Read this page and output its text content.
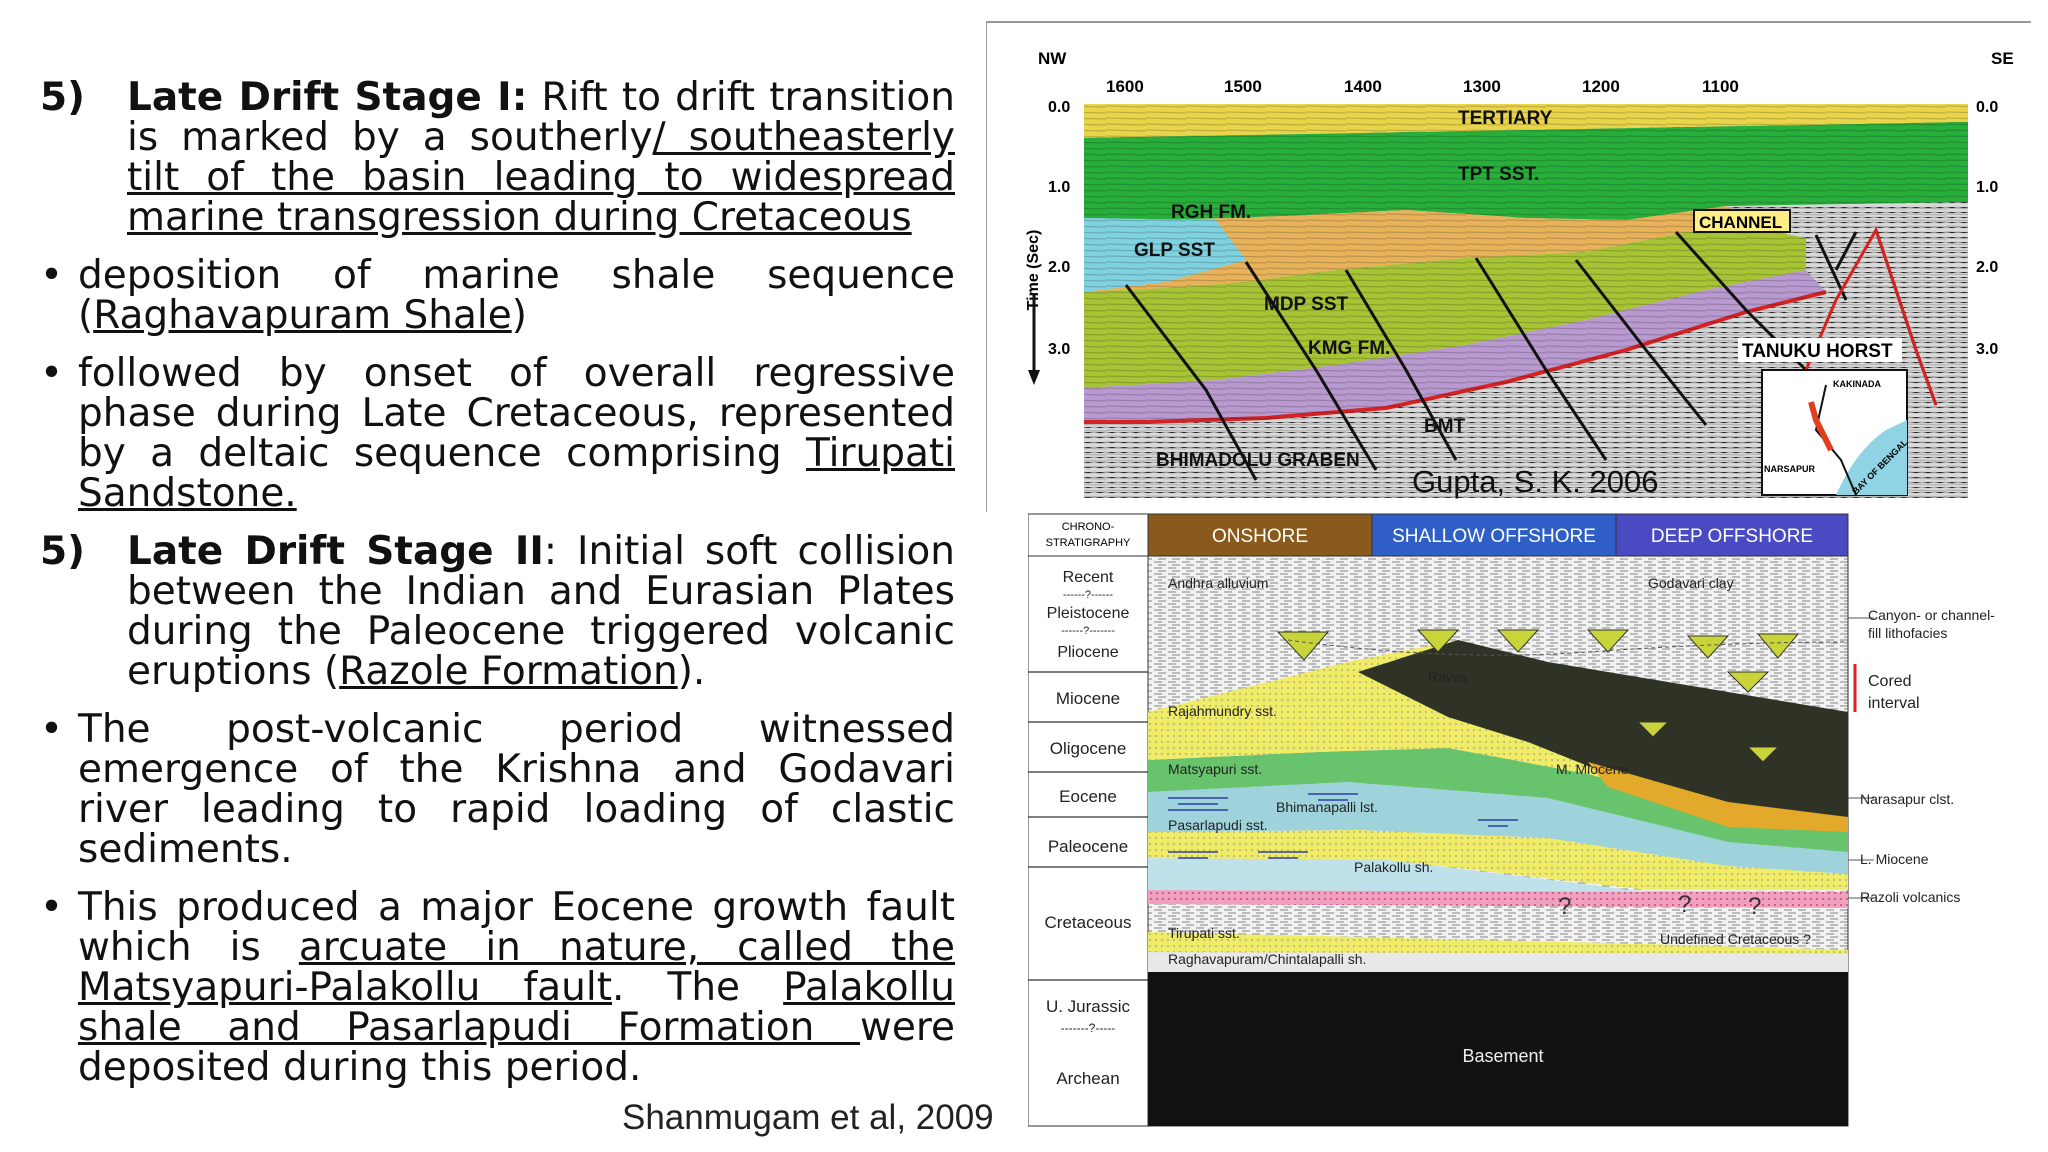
5) Late Drift Stage I: Rift to drift transition is marked by a southerly/ southeasterly tilt of the basin leading to widespread marine transgression during Cretaceous
• deposition of marine shale sequence (Raghavapuram Shale)
• followed by onset of overall regressive phase during Late Cretaceous, represented by a deltaic sequence comprising Tirupati Sandstone.
5) Late Drift Stage II: Initial soft collision between the Indian and Eurasian Plates during the Paleocene triggered volcanic eruptions (Razole Formation).
• The post-volcanic period witnessed emergence of the Krishna and Godavari river leading to rapid loading of clastic sediments.
• This produced a major Eocene growth fault which is arcuate in nature, called the Matsyapuri-Palakollu fault. The Palakollu shale and Pasarlapudi Formation were deposited during this period.
Shanmugam et al, 2009
NW	SE
1600	1500	1400	1300	1200	1100
0.0	0.0
1.0	1.0
2.0	2.0
3.0	3.0
Time (Sec)
TERTIARY
TPT SST.
RGH FM.
GLP SST
MDP SST
KMG FM.
BMT
BHIMADOLU GRABEN
CHANNEL
TANUKU HORST
KAKINADA
NARSAPUR	BAY OF BENGAL
Gupta, S. K. 2006
CHRONO-
STRATIGRAPHY	ONSHORE	SHALLOW OFFSHORE	DEEP OFFSHORE
Recent
------?------
Pleistocene
------?-------
Pliocene
Miocene
Oligocene
Eocene
Paleocene
Cretaceous
U. Jurassic
-------?-----
Archean
Andhra alluvium	Godavari clay
Ravva
Rajahmundry sst.
Matsyapuri sst.	M. Miocene
Bhimanapalli lst.
Pasarlapudi sst.
Palakollu sh.
Tirupati sst.	Undefined Cretaceous ?
Raghavapuram/Chintalapalli sh.
?	? ?
Basement
Canyon- or channel-
fill lithofacies
Cored
interval
Narasapur clst.
L. Miocene
Razoli volcanics
